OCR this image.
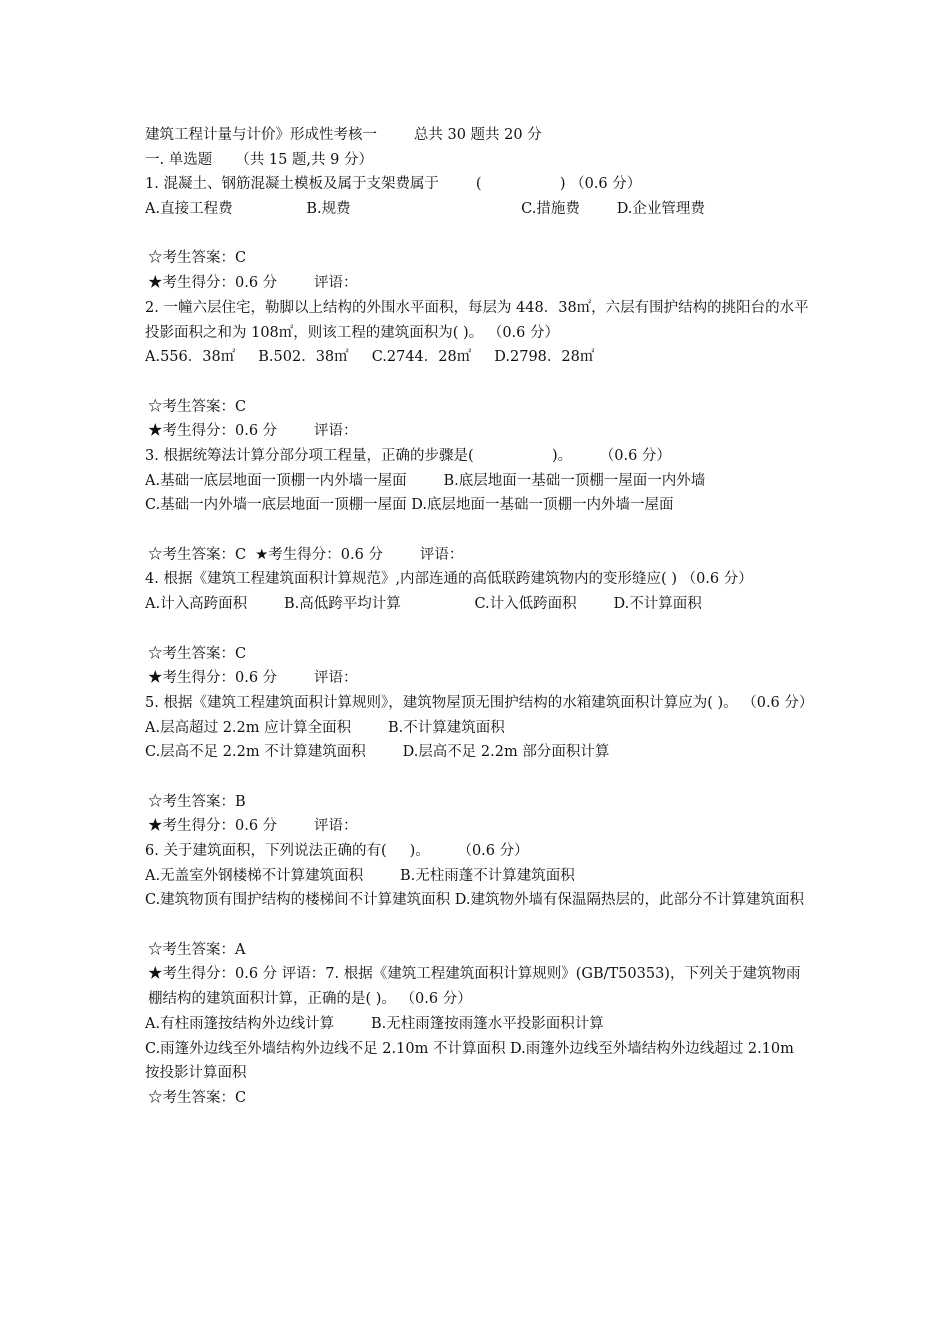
建筑工程计量与计价》形成性考核一        总共 30 题共 20 分
一. 单选题     （共 15 题,共 9 分）
1. 混凝土、钢筋混凝土模板及属于支架费属于        (                 ) （0.6 分）
A.直接工程费                B.规费                                     C.措施费        D.企业管理费
☆考生答案：C
★考生得分：0.6 分        评语：
2. 一幢六层住宅，勒脚以上结构的外围水平面积，每层为 448．38㎡，六层有围护结构的挑阳台的水平投影面积之和为 108㎡，则该工程的建筑面积为( )。 （0.6 分）
A.556．38㎡     B.502．38㎡     C.2744．28㎡     D.2798．28㎡
☆考生答案：C
★考生得分：0.6 分        评语：
3. 根据统筹法计算分部分项工程量，正确的步骤是(                 )。      （0.6 分）
A.基础一底层地面一顶棚一内外墙一屋面        B.底层地面一基础一顶棚一屋面一内外墙
C.基础一内外墙一底层地面一顶棚一屋面 D.底层地面一基础一顶棚一内外墙一屋面
☆考生答案：C  ★考生得分：0.6 分        评语：
4. 根据《建筑工程建筑面积计算规范》,内部连通的高低联跨建筑物内的变形缝应( ) （0.6 分）
A.计入高跨面积        B.高低跨平均计算                C.计入低跨面积        D.不计算面积
☆考生答案：C
★考生得分：0.6 分        评语：
5. 根据《建筑工程建筑面积计算规则》，建筑物屋顶无围护结构的水箱建筑面积计算应为( )。 （0.6 分）
A.层高超过 2.2m 应计算全面积        B.不计算建筑面积
C.层高不足 2.2m 不计算建筑面积        D.层高不足 2.2m 部分面积计算
☆考生答案：B
★考生得分：0.6 分        评语：
6. 关于建筑面积，下列说法正确的有(     )。      （0.6 分）
A.无盖室外钢楼梯不计算建筑面积        B.无柱雨蓬不计算建筑面积
C.建筑物顶有围护结构的楼梯间不计算建筑面积 D.建筑物外墙有保温隔热层的，此部分不计算建筑面积
☆考生答案：A
★考生得分：0.6 分 评语：7. 根据《建筑工程建筑面积计算规则》(GB/T50353)，下列关于建筑物雨棚结构的建筑面积计算，正确的是( )。 （0.6 分）
A.有柱雨篷按结构外边线计算        B.无柱雨篷按雨篷水平投影面积计算
C.雨篷外边线至外墙结构外边线不足 2.10m 不计算面积 D.雨篷外边线至外墙结构外边线超过 2.10m 按投影计算面积
☆考生答案：C
